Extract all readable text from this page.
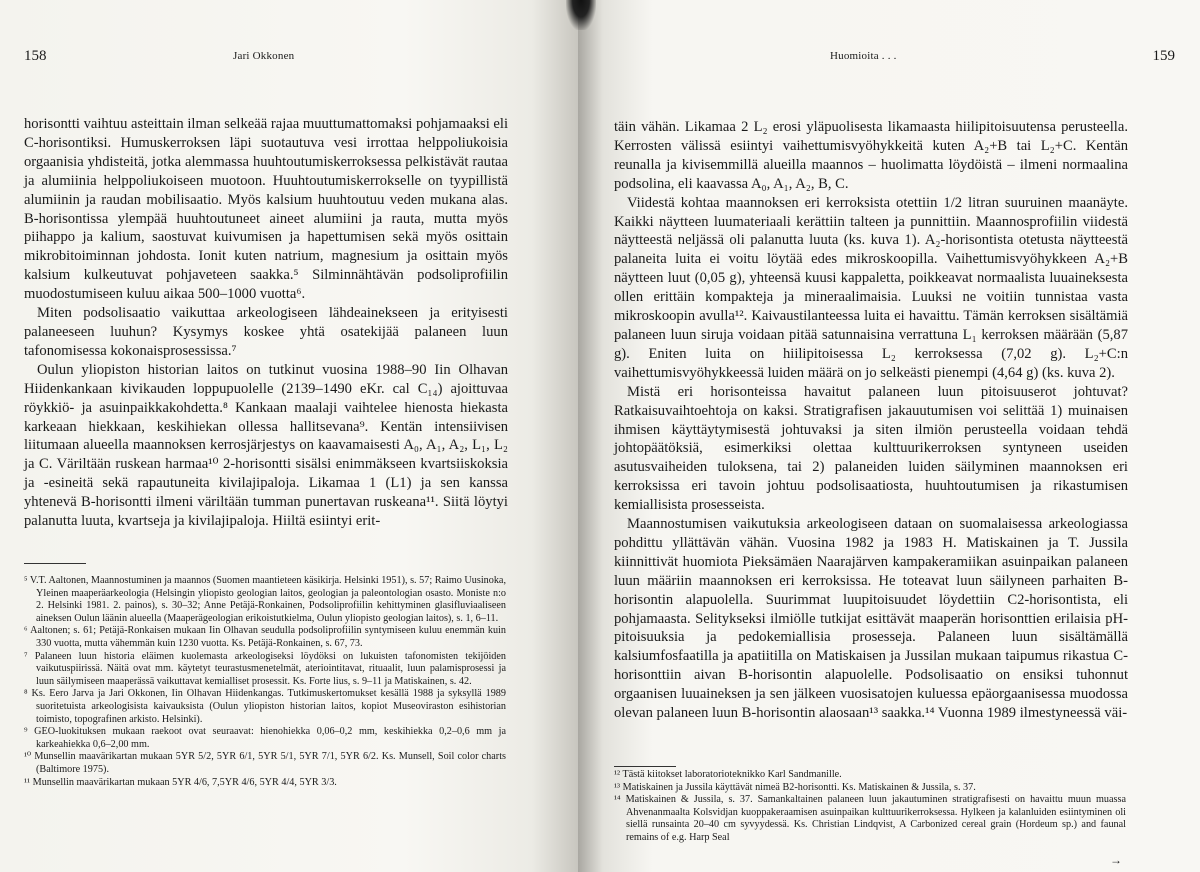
158	Jari Okkonen

horisontti vaihtuu asteittain ilman selkeää rajaa muuttumattomaksi pohjamaaksi eli C-horisontiksi. Humuskerroksen läpi suotautuva vesi irrottaa helppoliukoisia orgaanisia yhdisteitä, jotka alemmassa huuhtoutumiskerroksessa pelkistävät rautaa ja alumiinia helppoliukoiseen muotoon. Huuhtoutumiskerrokselle on tyypillistä alumiinin ja raudan mobilisaatio. Myös kalsium huuhtoutuu veden mukana alas. B-horisontissa ylempää huuhtoutuneet aineet alumiini ja rauta, mutta myös piihappo ja kalium, saostuvat kuivumisen ja hapettumisen sekä myös osittain mikrobitoiminnan johdosta. Ionit kuten natrium, magnesium ja osittain myös kalsium kulkeutuvat pohjaveteen saakka.⁵ Silminnähtävän podsoliprofiilin muodostumiseen kuluu aikaa 500–1000 vuotta⁶.

Miten podsolisaatio vaikuttaa arkeologiseen lähdeainekseen ja erityisesti palaneeseen luuhun? Kysymys koskee yhtä osatekijää palaneen luun tafonomisessa kokonaisprosessissa.⁷

Oulun yliopiston historian laitos on tutkinut vuosina 1988–90 Iin Olhavan Hiidenkankaan kivikauden loppupuolelle (2139–1490 eKr. cal C₁₄) ajoittuvaa röykkiö- ja asuinpaikkakohdetta.⁸ Kankaan maalaji vaihtelee hienosta hiekasta karkeaan hiekkaan, keskihiekan ollessa hallitsevana⁹. Kentän intensiivisen liitumaan alueella maannoksen kerrosjärjestys on kaavamaisesti A₀, A₁, A₂, L₁, L₂ ja C. Väriltään ruskean harmaa¹⁰ 2-horisontti sisälsi enimmäkseen kvartsiiskoksia ja -esineitä sekä rapautuneita kivilajipaloja. Likamaa 1 (L1) ja sen kanssa yhtenevä B-horisontti ilmeni väriltään tumman punertavan ruskeana¹¹. Siitä löytyi palanutta luuta, kvartseja ja kivilajipaloja. Hiiltä esiintyi erit-

⁵ V.T. Aaltonen, Maannostuminen ja maannos (Suomen maantieteen käsikirja. Helsinki 1951), s. 57; Raimo Uusinoka, Yleinen maaperäarkeologia (Helsingin yliopisto geologian laitos, geologian ja paleontologian osasto. Moniste n:o 2. Helsinki 1981. 2. painos), s. 30–32; Anne Petäjä-Ronkainen, Podsoliprofiilin kehittyminen glasifluviaaliseen aineksen Oulun läänin alueella (Maaperägeologian erikoistutkielma, Oulun yliopisto geologian laitos), s. 1, 6–11.

⁶ Aaltonen; s. 61; Petäjä-Ronkaisen mukaan Iin Olhavan seudulla podsoliprofiilin syntymiseen kuluu enemmän kuin 330 vuotta, mutta vähemmän kuin 1230 vuotta. Ks. Petäjä-Ronkainen, s. 67, 73.

⁷ Palaneen luun historia eläimen kuolemasta arkeologiseksi löydöksi on lukuisten tafonomisten tekijöiden vaikutuspiirissä. Näitä ovat mm. käytetyt teurastusmenetelmät, ateriointitavat, rituaalit, luun palamisprosessi ja luun säilymiseen maaperässä vaikuttavat kemialliset prosessit. Ks. Forte lius, s. 9–11 ja Matiskainen, s. 42.

⁸ Ks. Eero Jarva ja Jari Okkonen, Iin Olhavan Hiidenkangas. Tutkimuskertomukset kesällä 1988 ja syksyllä 1989 suoritetuista arkeologisista kaivauksista (Oulun yliopiston historian laitos, kopiot Museoviraston esihistorian toimisto, topografinen arkisto. Helsinki).

⁹ GEO-luokituksen mukaan raekoot ovat seuraavat: hienohiekka 0,06–0,2 mm, keskihiekka 0,2–0,6 mm ja karkeahiekka 0,6–2,00 mm.

¹⁰ Munsellin maavärikartan mukaan 5YR 5/2, 5YR 6/1, 5YR 5/1, 5YR 7/1, 5YR 6/2. Ks. Munsell, Soil color charts (Baltimore 1975).

¹¹ Munsellin maavärikartan mukaan 5YR 4/6, 7,5YR 4/6, 5YR 4/4, 5YR 3/3.

Huomioita . . .	159

täin vähän. Likamaa 2 L₂ erosi yläpuolisesta likamaasta hiilipitoisuutensa perusteella. Kerrosten välissä esiintyi vaihettumisvyöhykkeitä kuten A₂+B tai L₂+C. Kentän reunalla ja kivisemmillä alueilla maannos – huolimatta löydöistä – ilmeni normaalina podsolina, eli kaavassa A₀, A₁, A₂, B, C.

Viidestä kohtaa maannoksen eri kerroksista otettiin 1/2 litran suuruinen maanäyte. Kaikki näytteen luumateriaali kerättiin talteen ja punnittiin. Maannosprofiilin viidestä näytteestä neljässä oli palanutta luuta (ks. kuva 1). A₂-horisontista otetusta näytteestä palaneita luita ei voitu löytää edes mikroskoopilla. Vaihettumisvyöhykkeen A₂+B näytteen luut (0,05 g), yhteensä kuusi kappaletta, poikkeavat normaalista luuaineksesta ollen erittäin kompakteja ja mineraalimaisia. Luuksi ne voitiin tunnistaa vasta mikroskoopin avulla¹². Kaivaustilanteessa luita ei havaittu. Tämän kerroksen sisältämiä palaneen luun siruja voidaan pitää satunnaisina verrattuna L₁ kerroksen määrään (5,87 g). Eniten luita on hiilipitoisessa L₂ kerroksessa (7,02 g). L₂+C:n vaihettumisvyöhykkeessä luiden määrä on jo selkeästi pienempi (4,64 g) (ks. kuva 2).

Mistä eri horisonteissa havaitut palaneen luun pitoisuuserot johtuvat? Ratkaisuvaihtoehtoja on kaksi. Stratigrafisen jakauutumisen voi selittää 1) muinaisen ihmisen käyttäytymisestä johtuvaksi ja siten ilmiön perusteella voidaan tehdä johtopäätöksiä, esimerkiksi olettaa kulttuurikerroksen syntyneen useiden asutusvaiheiden tuloksena, tai 2) palaneiden luiden säilyminen maannoksen eri kerroksissa eri tavoin johtuu podsolisaatiosta, huuhtoutumisen ja rikastumisen kemiallisista prosesseista.

Maannostumisen vaikutuksia arkeologiseen dataan on suomalaisessa arkeologiassa pohdittu yllättävän vähän. Vuosina 1982 ja 1983 H. Matiskainen ja T. Jussila kiinnittivät huomiota Pieksämäen Naarajärven kampakeramiikan asuinpaikan palaneen luun määriin maannoksen eri kerroksissa. He toteavat luun säilyneen parhaiten B-horisontin alapuolella. Suurimmat luupitoisuudet löydettiin C2-horisontista, eli pohjamaasta. Selitykseksi ilmiölle tutkijat esittävät maaperän horisonttien erilaisia pH-pitoisuuksia ja pedokemiallisia prosesseja. Palaneen luun sisältämällä kalsiumfosfaatilla ja apatiitilla on Matiskaisen ja Jussilan mukaan taipumus rikastua C-horisonttiin aivan B-horisontin alapuolelle. Podsolisaatio on ensiksi tuhonnut orgaanisen luuaineksen ja sen jälkeen vuosisatojen kuluessa epäorgaanisessa muodossa olevan palaneen luun B-horisontin alaosaan¹³ saakka.¹⁴ Vuonna 1989 ilmestyneessä väi-

¹² Tästä kiitokset laboratorioteknikko Karl Sandmanille.

¹³ Matiskainen ja Jussila käyttävät nimeä B2-horisontti. Ks. Matiskainen & Jussila, s. 37.

¹⁴ Matiskainen & Jussila, s. 37. Samankaltainen palaneen luun jakautuminen stratigrafisesti on havaittu muun muassa Ahvenanmaalta Kolsvidjan kuoppakeraamisen asuinpaikan kulttuurikerroksessa. Hylkeen ja kalanluiden esiintyminen oli siellä runsainta 20–40 cm syvyydessä. Ks. Christian Lindqvist, A Carbonized cereal grain (Hordeum sp.) and faunal remains of e.g. Harp Seal

→
